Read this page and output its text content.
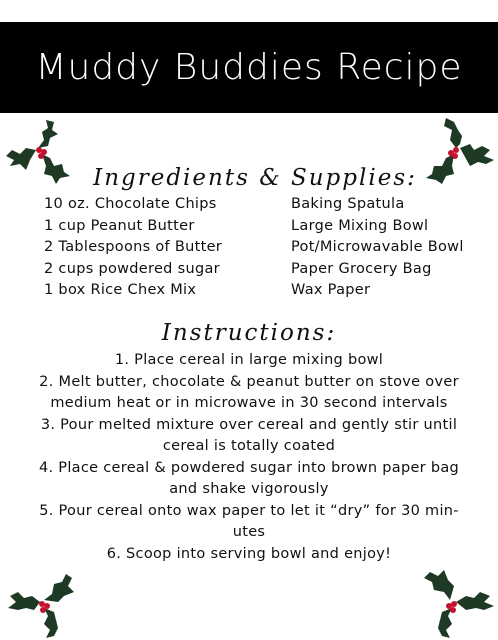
Muddy Buddies Recipe
Ingredients & Supplies:
10 oz. Chocolate Chips
1 cup Peanut Butter
2 Tablespoons of Butter
2 cups powdered sugar
1 box Rice Chex Mix
Baking Spatula
Large Mixing Bowl
Pot/Microwavable Bowl
Paper Grocery Bag
Wax Paper
Instructions:
1. Place cereal in large mixing bowl
2. Melt butter, chocolate & peanut butter on stove over
medium heat or in microwave in 30 second intervals
3. Pour melted mixture over cereal and gently stir until
cereal is totally coated
4. Place cereal & powdered sugar into brown paper bag
and shake vigorously
5. Pour cereal onto wax paper to let it “dry” for 30 min-
utes
6. Scoop into serving bowl and enjoy!
